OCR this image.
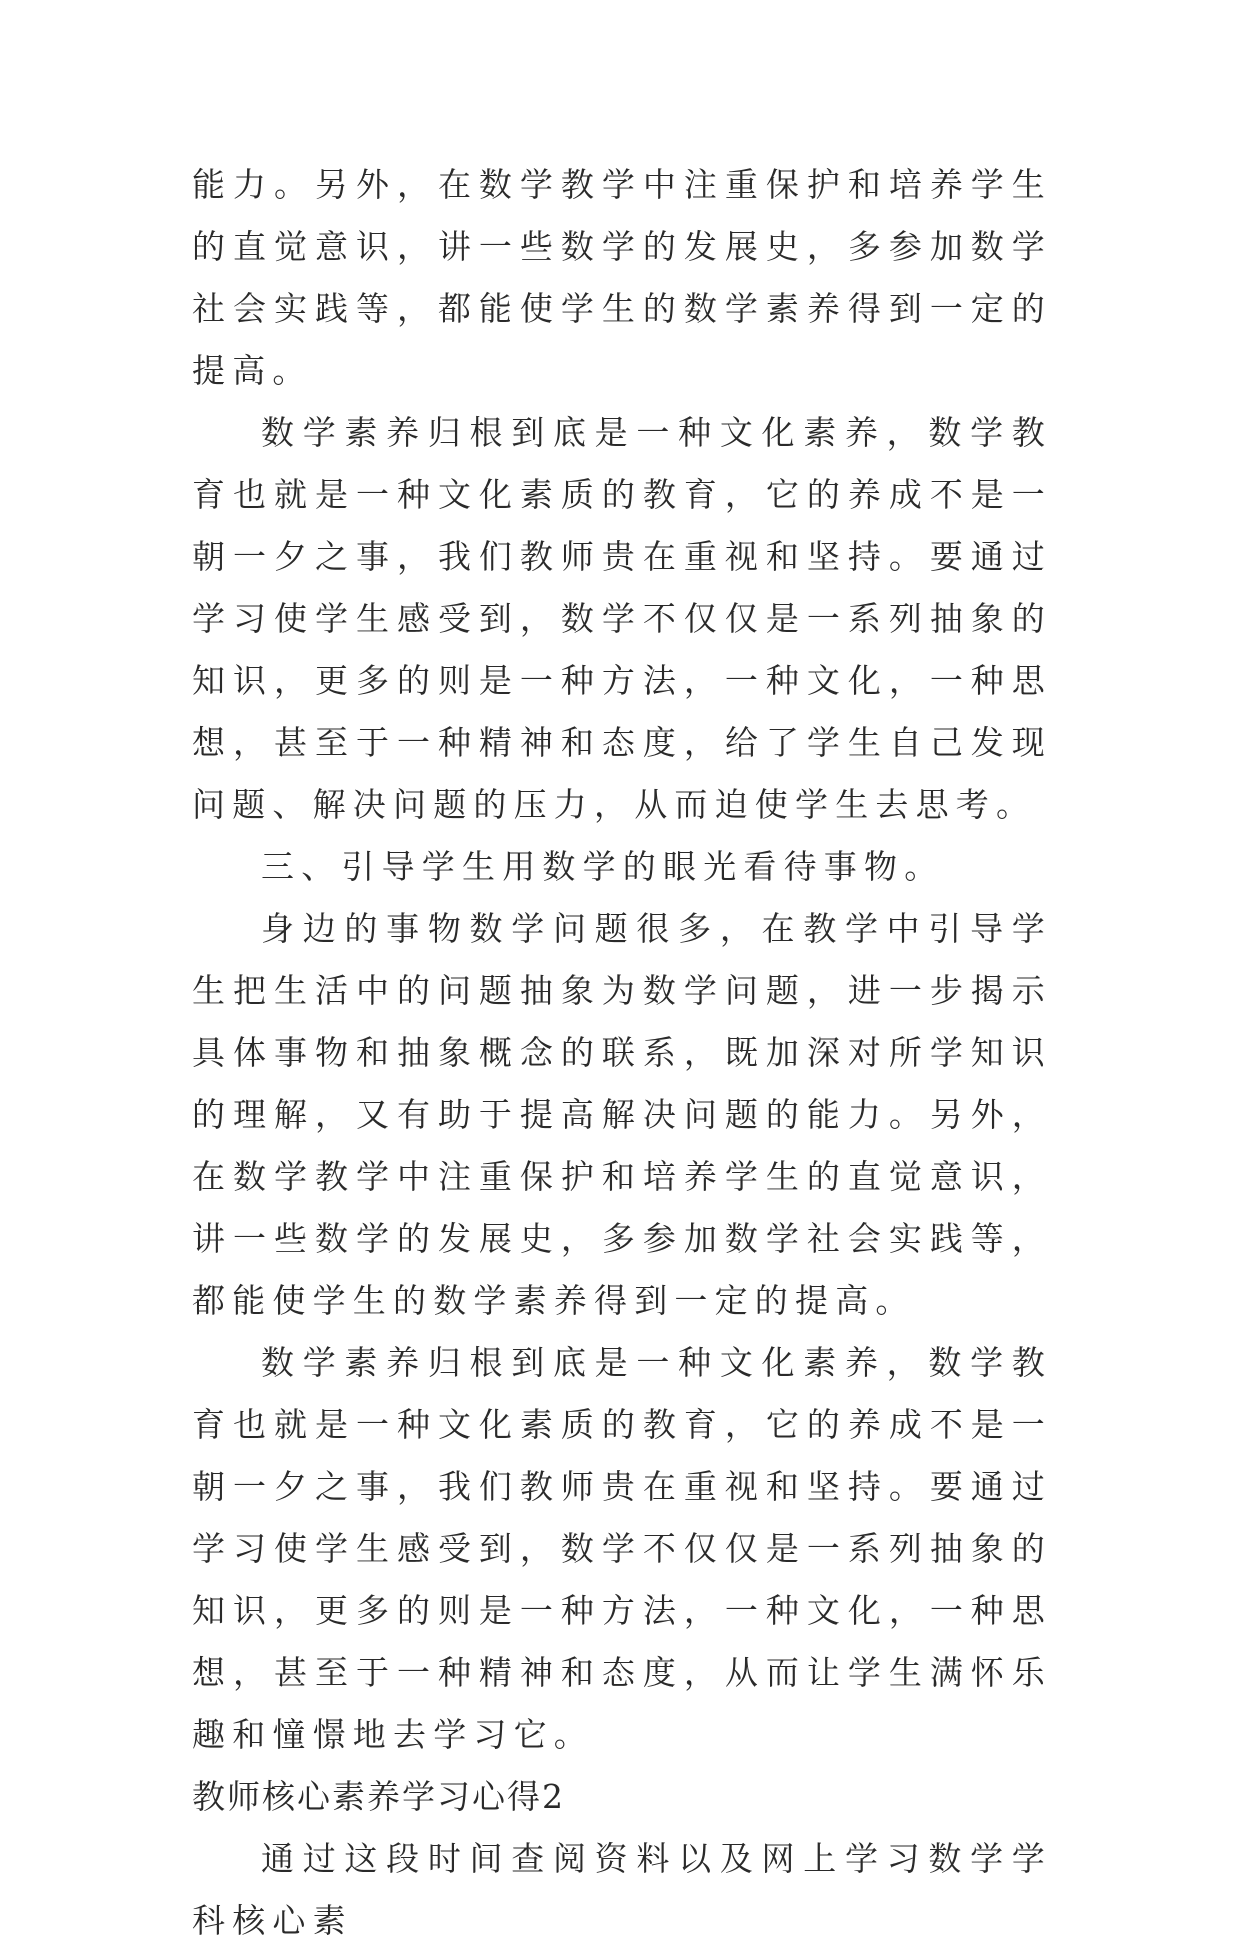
能力。另外，在数学教学中注重保护和培养学生的直觉意识，讲一些数学的发展史，多参加数学社会实践等，都能使学生的数学素养得到一定的提高。

数学素养归根到底是一种文化素养，数学教育也就是一种文化素质的教育，它的养成不是一朝一夕之事，我们教师贵在重视和坚持。要通过学习使学生感受到，数学不仅仅是一系列抽象的知识，更多的则是一种方法，一种文化，一种思想，甚至于一种精神和态度，给了学生自己发现问题、解决问题的压力，从而迫使学生去思考。

三、引导学生用数学的眼光看待事物。

身边的事物数学问题很多，在教学中引导学生把生活中的问题抽象为数学问题，进一步揭示具体事物和抽象概念的联系，既加深对所学知识的理解，又有助于提高解决问题的能力。另外，在数学教学中注重保护和培养学生的直觉意识，讲一些数学的发展史，多参加数学社会实践等，都能使学生的数学素养得到一定的提高。

数学素养归根到底是一种文化素养，数学教育也就是一种文化素质的教育，它的养成不是一朝一夕之事，我们教师贵在重视和坚持。要通过学习使学生感受到，数学不仅仅是一系列抽象的知识，更多的则是一种方法，一种文化，一种思想，甚至于一种精神和态度，从而让学生满怀乐趣和憧憬地去学习它。

教师核心素养学习心得2

通过这段时间查阅资料以及网上学习数学学科核心素
